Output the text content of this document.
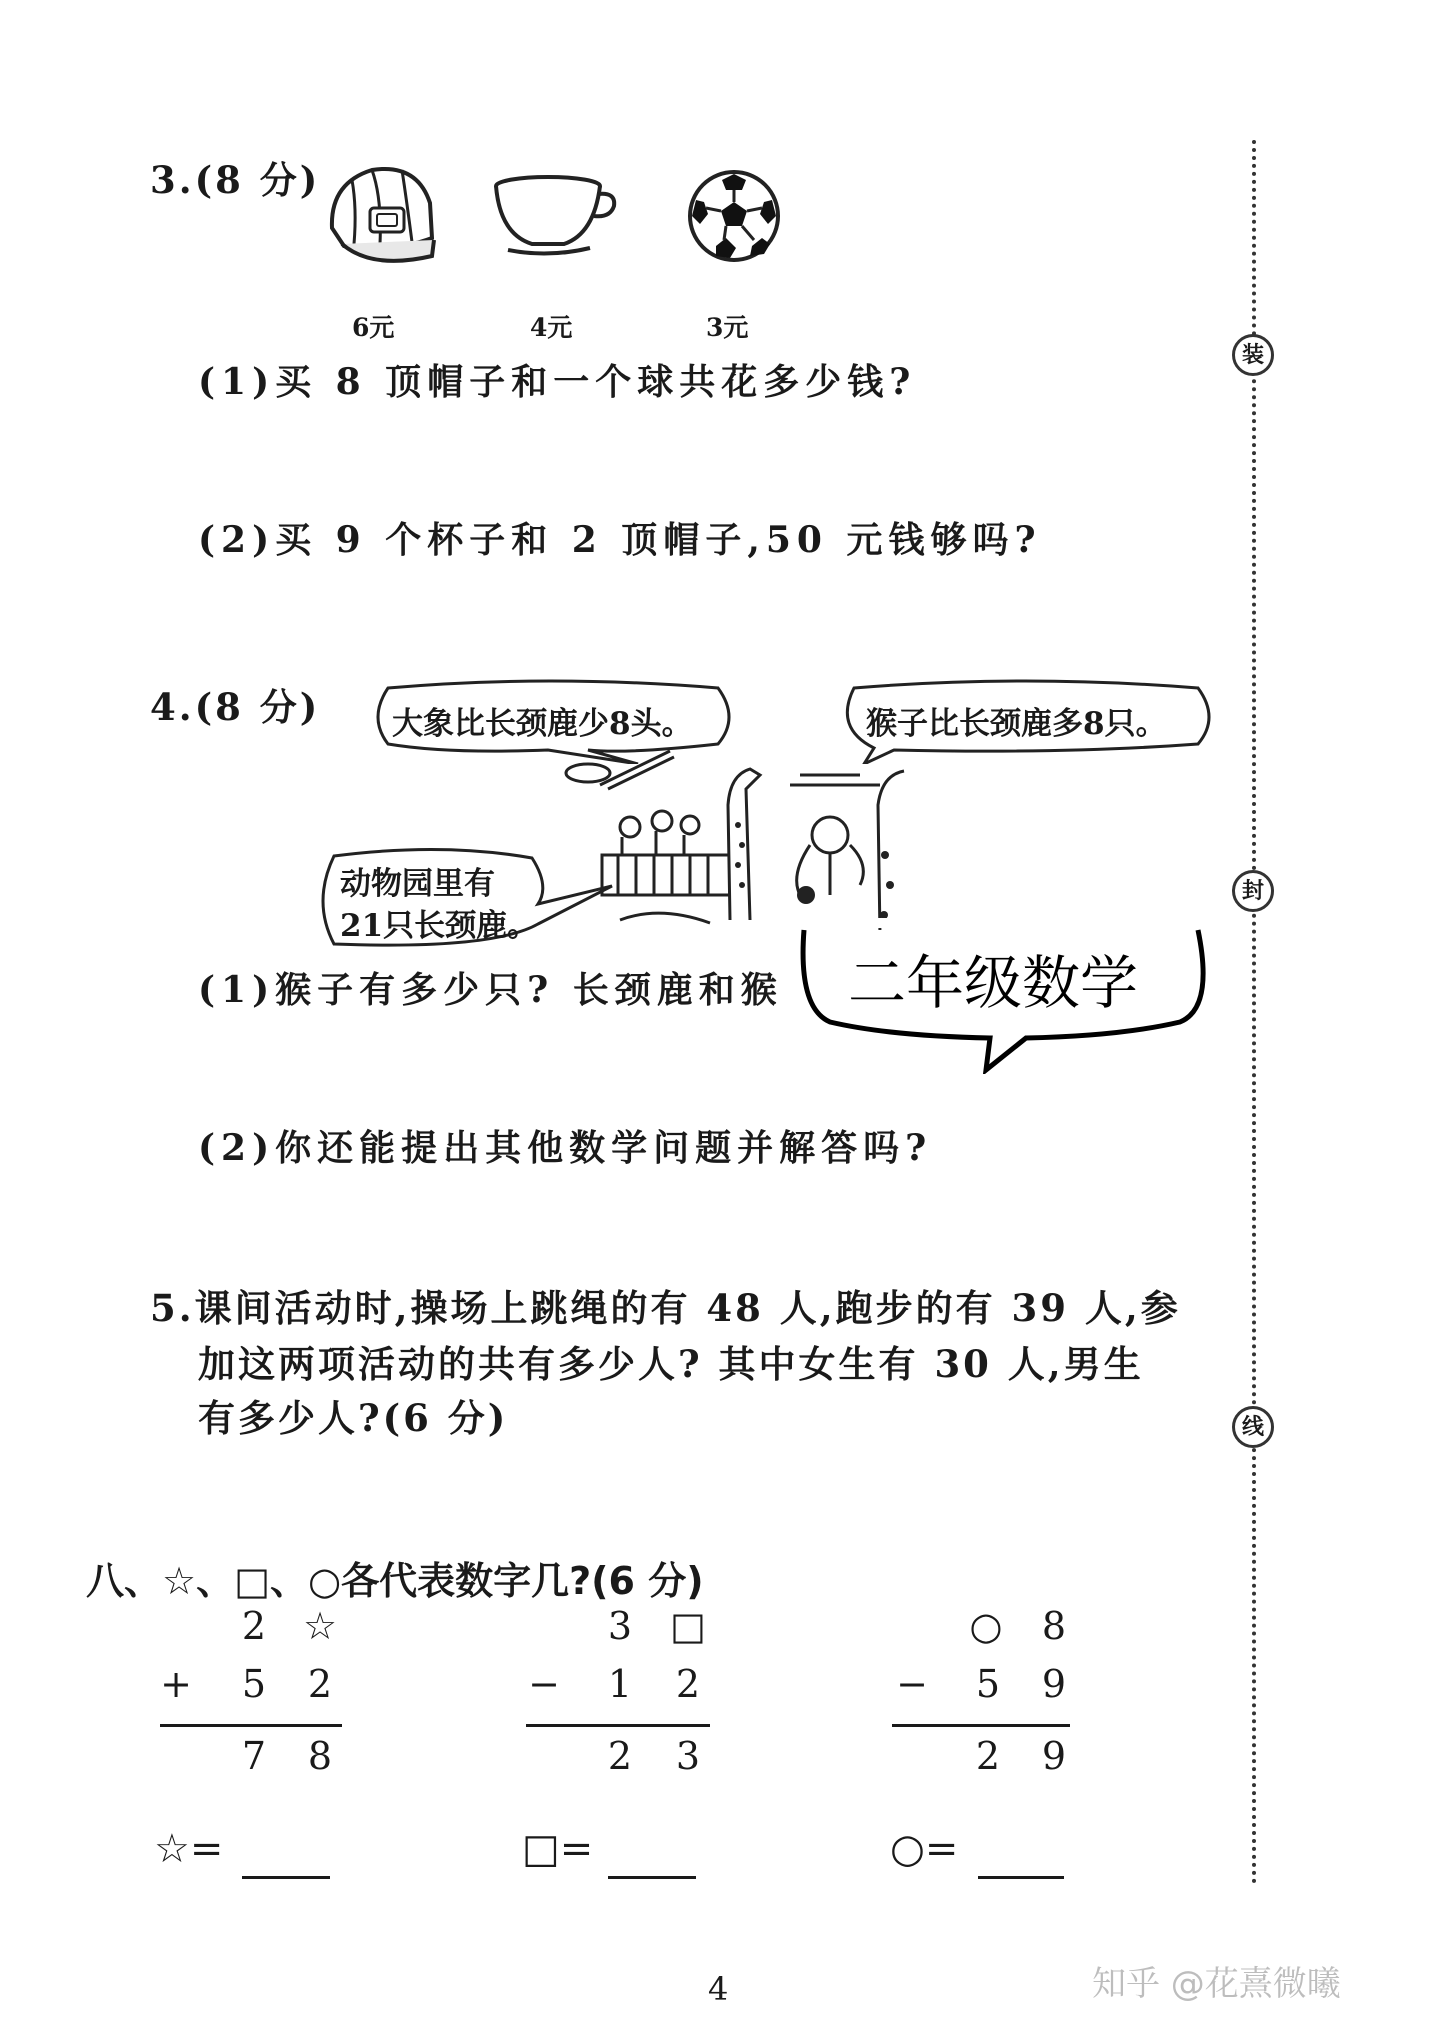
3.(8 分)
6元	4元	3元
(1)买 8 顶帽子和一个球共花多少钱?
(2)买 9 个杯子和 2 顶帽子,50 元钱够吗?
4.(8 分) 大象比长颈鹿少8头。	猴子比长颈鹿多8只。
动物园里有
21只长颈鹿。
(1)猴子有多少只? 长颈鹿和猴 二年级数学
(2)你还能提出其他数学问题并解答吗?
5.课间活动时,操场上跳绳的有 48 人,跑步的有 39 人,参
加这两项活动的共有多少人? 其中女生有 30 人,男生
有多少人?(6 分)
八、☆、□、○各代表数字几?(6 分)
2 ☆
+ 5 2
7 8
☆=
3 □
− 1 2
2 3
□=
○ 8
− 5 9
2 9
○=
装
封
线
4	知乎 @花熹微曦
